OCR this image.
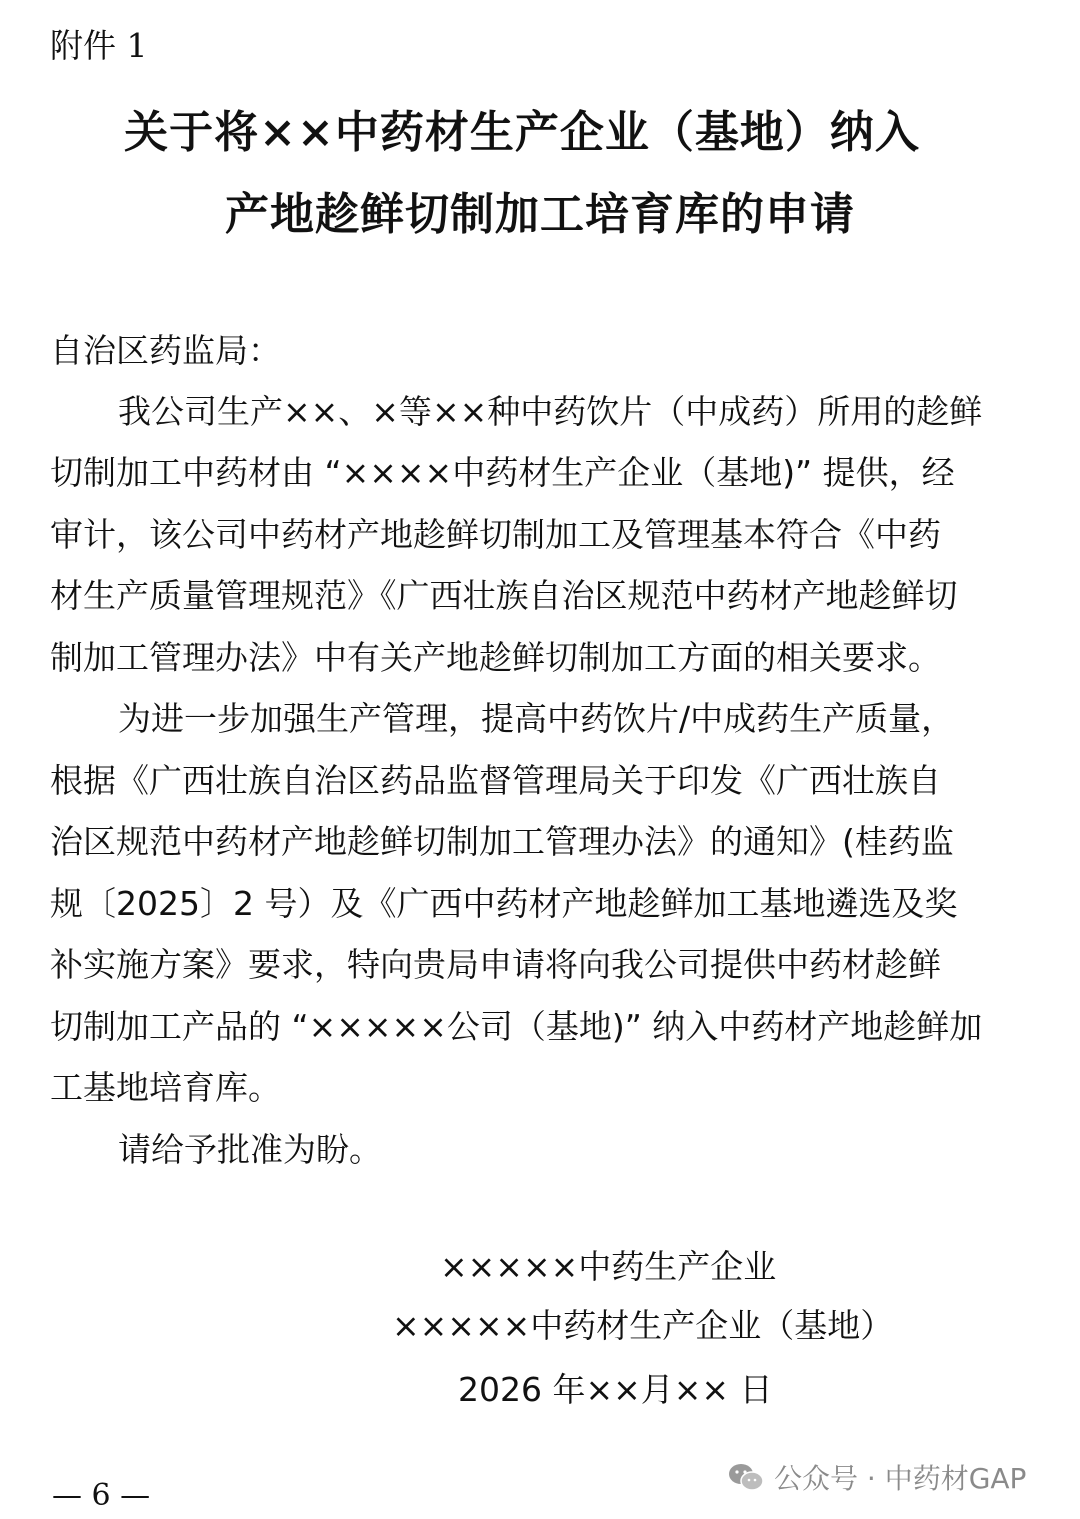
附件 1
关于将××中药材生产企业（基地）纳入
产地趁鲜切制加工培育库的申请
自治区药监局：
我公司生产××、×等××种中药饮片（中成药）所用的趁鲜
切制加工中药材由 “××××中药材生产企业（基地)” 提供，经
审计，该公司中药材产地趁鲜切制加工及管理基本符合《中药
材生产质量管理规范》《广西壮族自治区规范中药材产地趁鲜切
制加工管理办法》中有关产地趁鲜切制加工方面的相关要求。
为进一步加强生产管理，提高中药饮片/中成药生产质量，
根据《广西壮族自治区药品监督管理局关于印发《广西壮族自
治区规范中药材产地趁鲜切制加工管理办法》的通知》(桂药监
规〔2025〕2 号）及《广西中药材产地趁鲜加工基地遴选及奖
补实施方案》要求，特向贵局申请将向我公司提供中药材趁鲜
切制加工产品的 “×××××公司（基地)” 纳入中药材产地趁鲜加
工基地培育库。
请给予批准为盼。
×××××中药生产企业
×××××中药材生产企业（基地）
2026 年××月×× 日
— 6 —	公众号 · 中药材GAP
